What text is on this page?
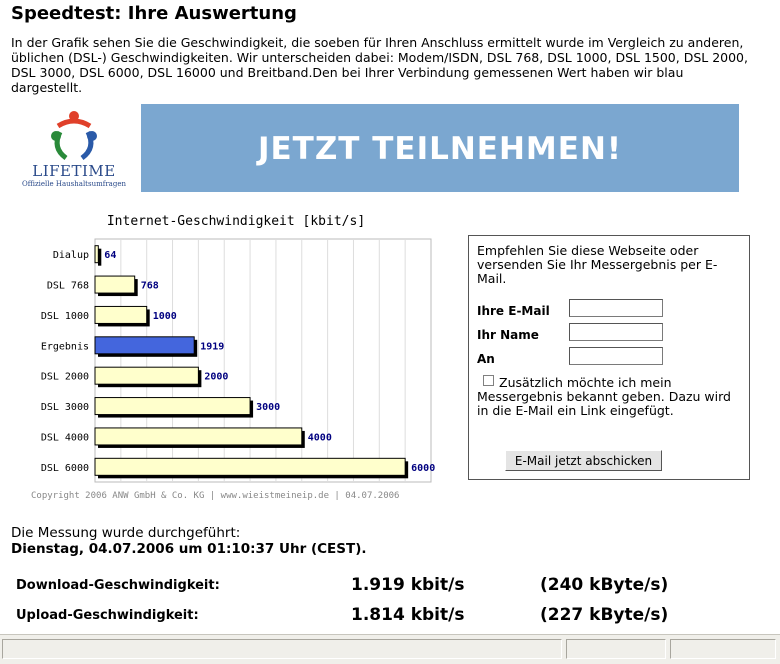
Speedtest: Ihre Auswertung
In der Grafik sehen Sie die Geschwindigkeit, die soeben für Ihren Anschluss ermittelt wurde im Vergleich zu anderen, üblichen (DSL-) Geschwindigkeiten. Wir unterscheiden dabei: Modem/ISDN, DSL 768, DSL 1000, DSL 1500, DSL 2000, DSL 3000, DSL 6000, DSL 16000 und Breitband.Den bei Ihrer Verbindung gemessenen Wert haben wir blau dargestellt.
LIFETIME
Offizielle Haushaltsumfragen
JETZT TEILNEHMEN!
Internet-Geschwindigkeit [kbit/s]
Dialup 64
DSL 768	768
DSL 1000	1000
Ergebnis	1919
DSL 2000	2000
DSL 3000	3000
DSL 4000	4000
DSL 6000	6000
Copyright 2006 ANW GmbH & Co. KG | www.wieistmeineip.de | 04.07.2006
Empfehlen Sie diese Webseite oder versenden Sie Ihr Messergebnis per E-Mail.
Ihre E-Mail
Ihr Name
An
Zusätzlich möchte ich mein Messergebnis bekannt geben. Dazu wird in die E-Mail ein Link eingefügt.
E-Mail jetzt abschicken
Die Messung wurde durchgeführt:
Dienstag, 04.07.2006 um 01:10:37 Uhr (CEST).
Download-Geschwindigkeit:	1.919 kbit/s	(240 kByte/s)
Upload-Geschwindigkeit:	1.814 kbit/s	(227 kByte/s)
